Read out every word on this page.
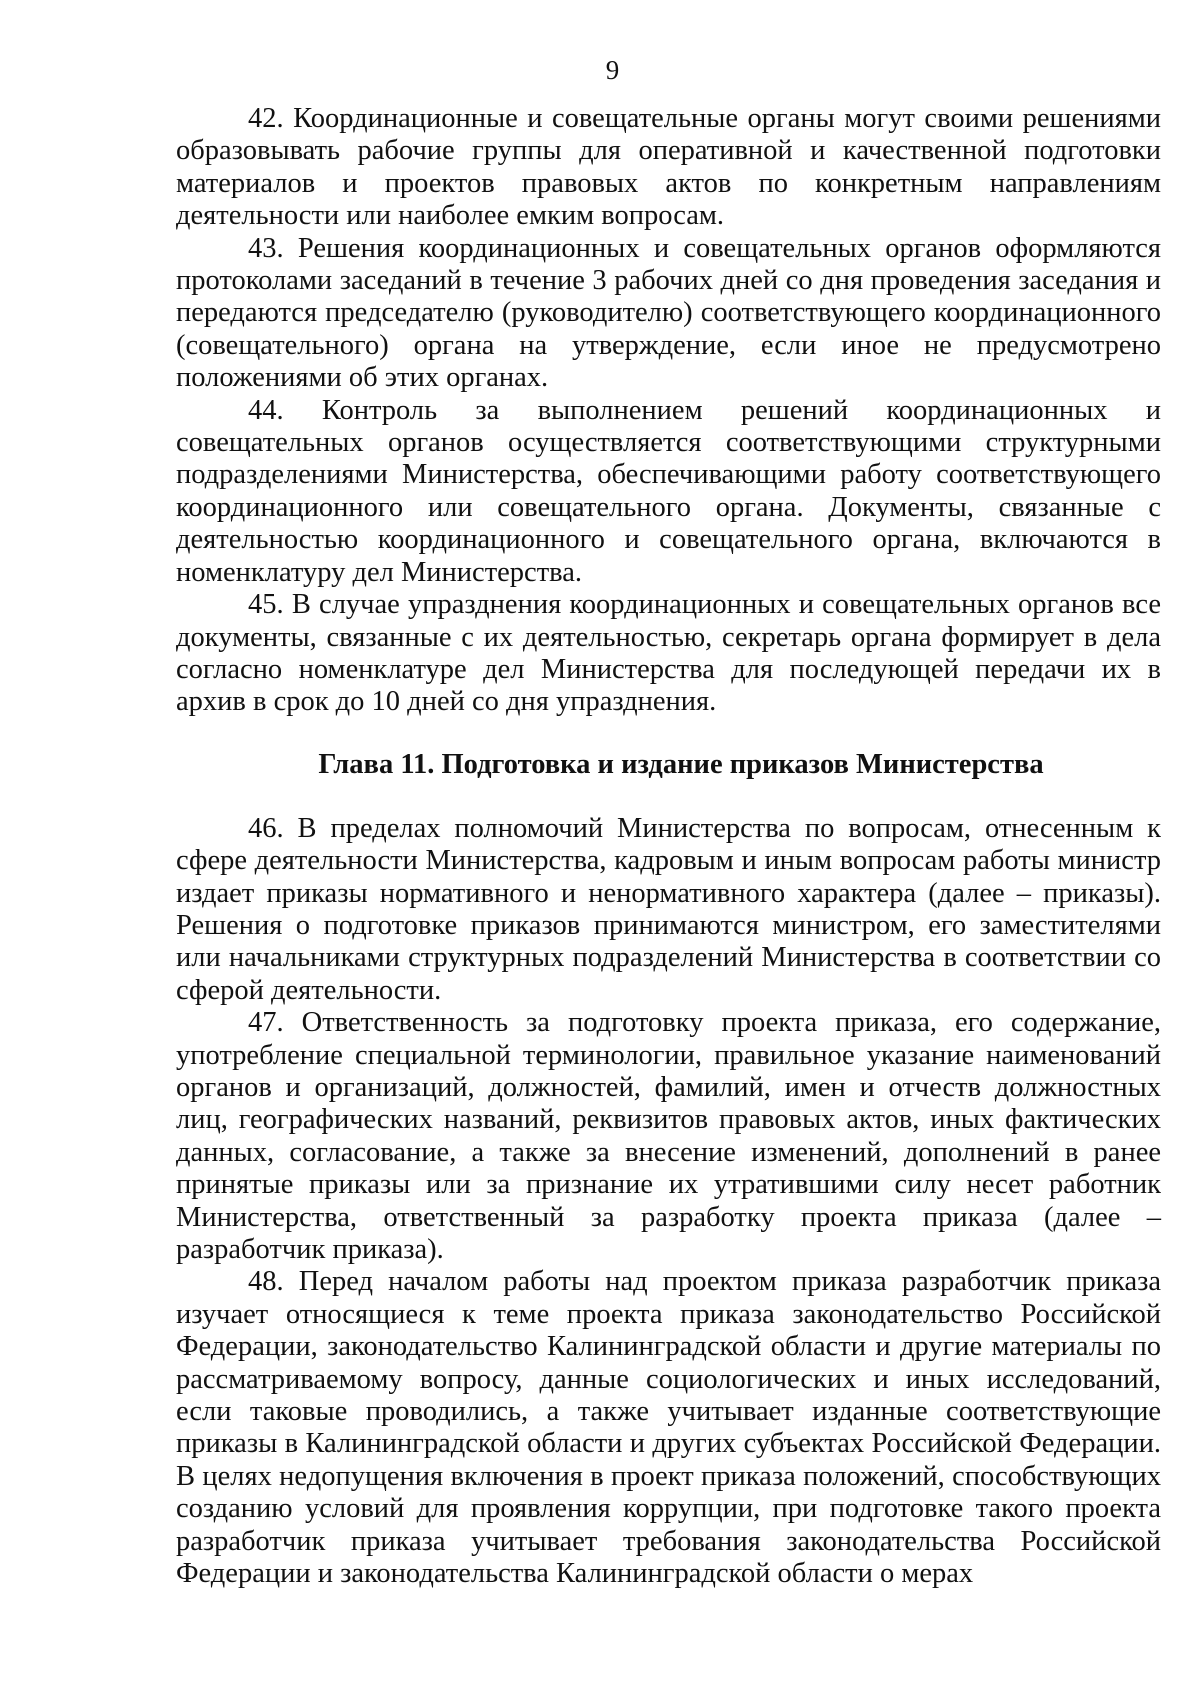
9

42. Координационные и совещательные органы могут своими решениями образовывать рабочие группы для оперативной и качественной подготовки материалов и проектов правовых актов по конкретным направлениям деятельности или наиболее емким вопросам.

43. Решения координационных и совещательных органов оформляются протоколами заседаний в течение 3 рабочих дней со дня проведения заседания и передаются председателю (руководителю) соответствующего координационного (совещательного) органа на утверждение, если иное не предусмотрено положениями об этих органах.

44. Контроль за выполнением решений координационных и совещательных органов осуществляется соответствующими структурными подразделениями Министерства, обеспечивающими работу соответствующего координационного или совещательного органа. Документы, связанные с деятельностью координационного и совещательного органа, включаются в номенклатуру дел Министерства.

45. В случае упразднения координационных и совещательных органов все документы, связанные с их деятельностью, секретарь органа формирует в дела согласно номенклатуре дел Министерства для последующей передачи их в архив в срок до 10 дней со дня упразднения.

Глава 11. Подготовка и издание приказов Министерства

46. В пределах полномочий Министерства по вопросам, отнесенным к сфере деятельности Министерства, кадровым и иным вопросам работы министр издает приказы нормативного и ненормативного характера (далее – приказы). Решения о подготовке приказов принимаются министром, его заместителями или начальниками структурных подразделений Министерства в соответствии со сферой деятельности.

47. Ответственность за подготовку проекта приказа, его содержание, употребление специальной терминологии, правильное указание наименований органов и организаций, должностей, фамилий, имен и отчеств должностных лиц, географических названий, реквизитов правовых актов, иных фактических данных, согласование, а также за внесение изменений, дополнений в ранее принятые приказы или за признание их утратившими силу несет работник Министерства, ответственный за разработку проекта приказа (далее – разработчик приказа).

48. Перед началом работы над проектом приказа разработчик приказа изучает относящиеся к теме проекта приказа законодательство Российской Федерации, законодательство Калининградской области и другие материалы по рассматриваемому вопросу, данные социологических и иных исследований, если таковые проводились, а также учитывает изданные соответствующие приказы в Калининградской области и других субъектах Российской Федерации. В целях недопущения включения в проект приказа положений, способствующих созданию условий для проявления коррупции, при подготовке такого проекта разработчик приказа учитывает требования законодательства Российской Федерации и законодательства Калининградской области о мерах
